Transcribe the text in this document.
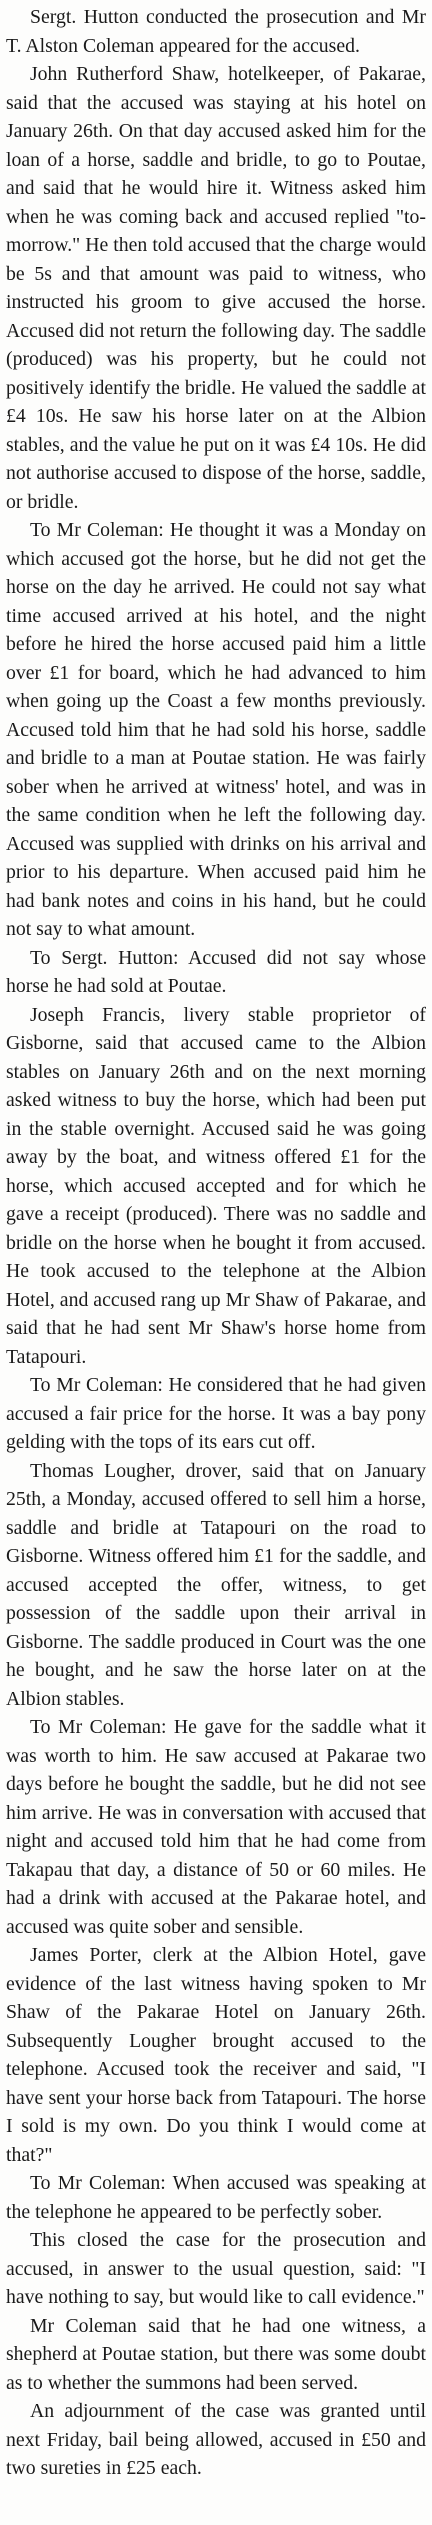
Sergt. Hutton conducted the prosecution and Mr T. Alston Coleman appeared for the accused.

John Rutherford Shaw, hotelkeeper, of Pakarae, said that the accused was staying at his hotel on January 26th. On that day accused asked him for the loan of a horse, saddle and bridle, to go to Poutae, and said that he would hire it. Witness asked him when he was coming back and accused replied "to-morrow." He then told accused that the charge would be 5s and that amount was paid to witness, who instructed his groom to give accused the horse. Accused did not return the following day. The saddle (produced) was his property, but he could not positively identify the bridle. He valued the saddle at £4 10s. He saw his horse later on at the Albion stables, and the value he put on it was £4 10s. He did not authorise accused to dispose of the horse, saddle, or bridle.

To Mr Coleman: He thought it was a Monday on which accused got the horse, but he did not get the horse on the day he arrived. He could not say what time accused arrived at his hotel, and the night before he hired the horse accused paid him a little over £1 for board, which he had advanced to him when going up the Coast a few months previously. Accused told him that he had sold his horse, saddle and bridle to a man at Poutae station. He was fairly sober when he arrived at witness' hotel, and was in the same condition when he left the following day. Accused was supplied with drinks on his arrival and prior to his departure. When accused paid him he had bank notes and coins in his hand, but he could not say to what amount.

To Sergt. Hutton: Accused did not say whose horse he had sold at Poutae.

Joseph Francis, livery stable proprietor of Gisborne, said that accused came to the Albion stables on January 26th and on the next morning asked witness to buy the horse, which had been put in the stable overnight. Accused said he was going away by the boat, and witness offered £1 for the horse, which accused accepted and for which he gave a receipt (produced). There was no saddle and bridle on the horse when he bought it from accused. He took accused to the telephone at the Albion Hotel, and accused rang up Mr Shaw of Pakarae, and said that he had sent Mr Shaw's horse home from Tatapouri.

To Mr Coleman: He considered that he had given accused a fair price for the horse. It was a bay pony gelding with the tops of its ears cut off.

Thomas Lougher, drover, said that on January 25th, a Monday, accused offered to sell him a horse, saddle and bridle at Tatapouri on the road to Gisborne. Witness offered him £1 for the saddle, and accused accepted the offer, witness, to get possession of the saddle upon their arrival in Gisborne. The saddle produced in Court was the one he bought, and he saw the horse later on at the Albion stables.

To Mr Coleman: He gave for the saddle what it was worth to him. He saw accused at Pakarae two days before he bought the saddle, but he did not see him arrive. He was in conversation with accused that night and accused told him that he had come from Takapau that day, a distance of 50 or 60 miles. He had a drink with accused at the Pakarae hotel, and accused was quite sober and sensible.

James Porter, clerk at the Albion Hotel, gave evidence of the last witness having spoken to Mr Shaw of the Pakarae Hotel on January 26th. Subsequently Lougher brought accused to the telephone. Accused took the receiver and said, "I have sent your horse back from Tatapouri. The horse I sold is my own. Do you think I would come at that?"

To Mr Coleman: When accused was speaking at the telephone he appeared to be perfectly sober.

This closed the case for the prosecution and accused, in answer to the usual question, said: "I have nothing to say, but would like to call evidence."

Mr Coleman said that he had one witness, a shepherd at Poutae station, but there was some doubt as to whether the summons had been served.

An adjournment of the case was granted until next Friday, bail being allowed, accused in £50 and two sureties in £25 each.
